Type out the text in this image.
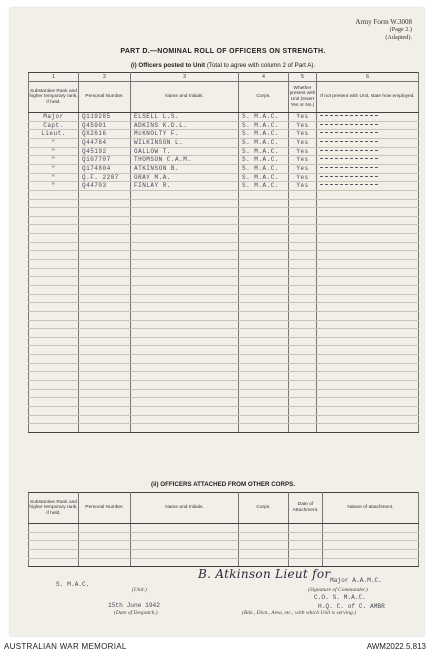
Army Form W.3008
(Page 2.)
(Adapted).
PART D.—NOMINAL ROLL OF OFFICERS ON STRENGTH.
(i) Officers posted to Unit (Total to agree with column 2 of Part A).
1	2	3	4	5	6
Substantive Rank and higher temporary rank, if held.	Personal Number.	Name and Initials.	Corps.	Whether present with Unit (Insert Yes or No.)	If not present with Unit, state how employed.
Major	Q119285	ELSELL L.S.	S. M.A.C.	Yes	
Capt.	Q45901	ADKINS K.D.L.	S. M.A.C.	Yes	
Lieut.	QX2616	McKNOLTY F.	S. M.A.C.	Yes	
"	Q44784	WILKINSON L.	S. M.A.C.	Yes	
"	Q45192	GALLOW T.	S. M.A.C.	Yes	
"	Q107707	THOMSON C.A.M.	S. M.A.C.	Yes	
"	Q174804	ATKINSON B.	S. M.A.C.	Yes	
"	Q.F. 2207	GRAY M.A.	S. M.A.C.	Yes	
"	Q44703	FINLAY R.	S. M.A.C.	Yes	

(ii) OFFICERS ATTACHED FROM OTHER CORPS.
Substantive Rank and higher temporary rank, if held.	Personal Number.	Name and Initials.	Corps.	Date of Attachment.	Nature of attachment.

S. M.A.C.
(Unit.)
B. Atkinson Lieut for Major A.A.M.C.
(Signature of Commander.)
C.O. S. M.A.C.
15th June 1942
(Date of Despatch.)
H.Q. C. of C. AMBR
(Bde., Divn., Area, etc., with which Unit is serving.)
AUSTRALIAN WAR MEMORIAL	AWM2022.5.813
